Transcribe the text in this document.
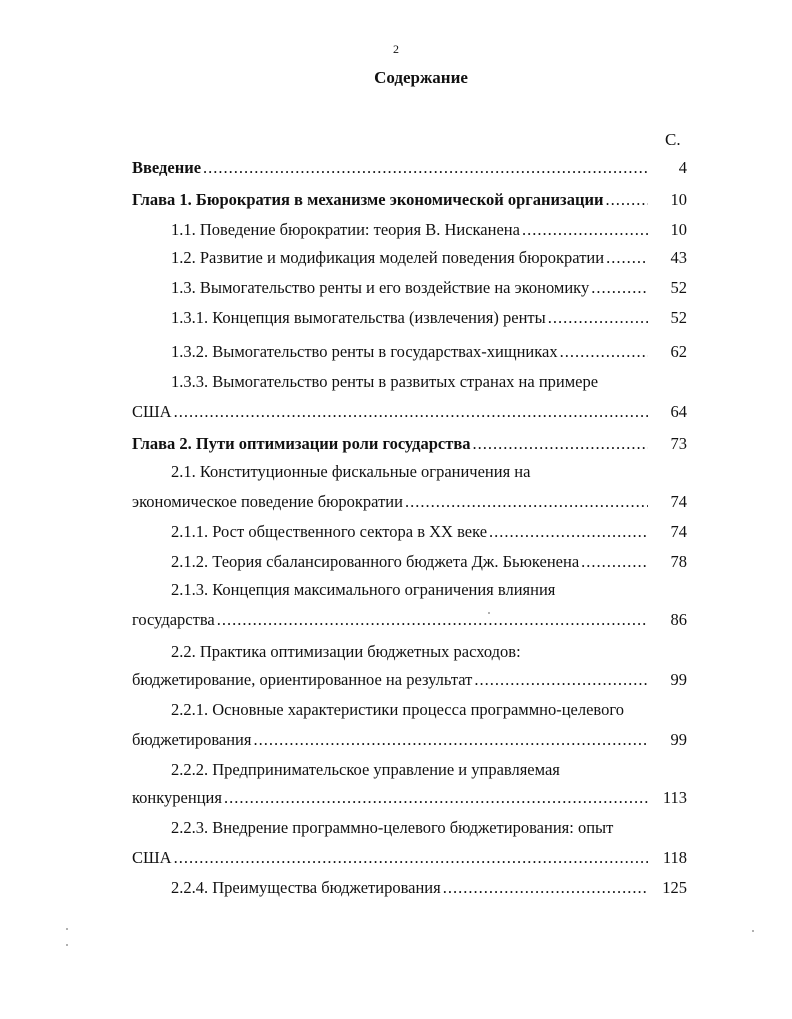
2
Содержание
С.
Введение .....	4
Глава 1. Бюрократия в механизме экономической организации .....	10
1.1. Поведение бюрократии: теория В. Нисканена .....	10
1.2. Развитие и модификация моделей поведения бюрократии .....	43
1.3. Вымогательство ренты и его воздействие на экономику .....	52
1.3.1. Концепция вымогательства (извлечения) ренты .....	52
1.3.2. Вымогательство ренты в государствах-хищниках .....	62
1.3.3. Вымогательство ренты в развитых странах на примере
США .....	64
Глава 2. Пути оптимизации роли государства .....	73
2.1. Конституционные фискальные ограничения на
экономическое поведение бюрократии .....	74
2.1.1. Рост общественного сектора в XX веке .....	74
2.1.2. Теория сбалансированного бюджета Дж. Бьюкенена .....	78
2.1.3. Концепция максимального ограничения влияния
государства .....	86
2.2. Практика оптимизации бюджетных расходов:
бюджетирование, ориентированное на результат .....	99
2.2.1. Основные характеристики процесса программно-целевого
бюджетирования .....	99
2.2.2. Предпринимательское управление и управляемая
конкуренция .....	113
2.2.3. Внедрение программно-целевого бюджетирования: опыт
США .....	118
2.2.4. Преимущества бюджетирования .....	125
